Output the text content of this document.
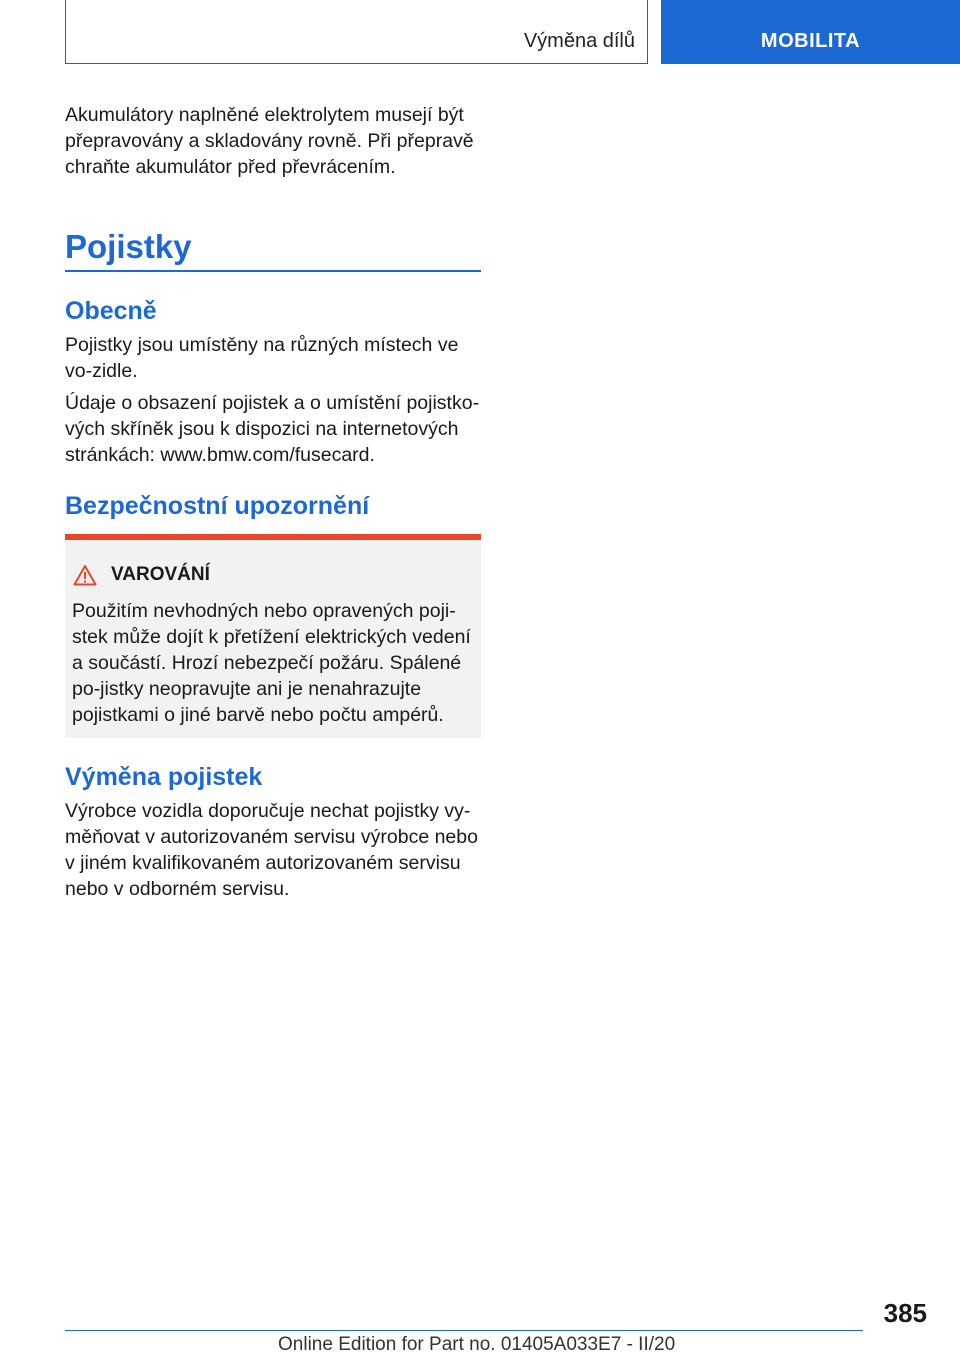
Výměna dílů	MOBILITA

Akumulátory naplněné elektrolytem musejí být přepravovány a skladovány rovně. Při přepravě chraňte akumulátor před převrácením.

Pojistky
Obecně

Pojistky jsou umístěny na různých místech ve vo-zidle.

Údaje o obsazení pojistek a o umístění pojistko-vých skříněk jsou k dispozici na internetových stránkách: www.bmw.com/fusecard.

Bezpečnostní upozornění
VAROVÁNÍ

Použitím nevhodných nebo opravených poji-stek může dojít k přetížení elektrických vedení a součástí. Hrozí nebezpečí požáru. Spálené po-jistky neopravujte ani je nenahrazujte pojistkami o jiné barvě nebo počtu ampérů.

Výměna pojistek

Výrobce vozidla doporučuje nechat pojistky vy-měňovat v autorizovaném servisu výrobce nebo v jiném kvalifikovaném autorizovaném servisu nebo v odborném servisu.

385
Online Edition for Part no. 01405A033E7 - II/20
